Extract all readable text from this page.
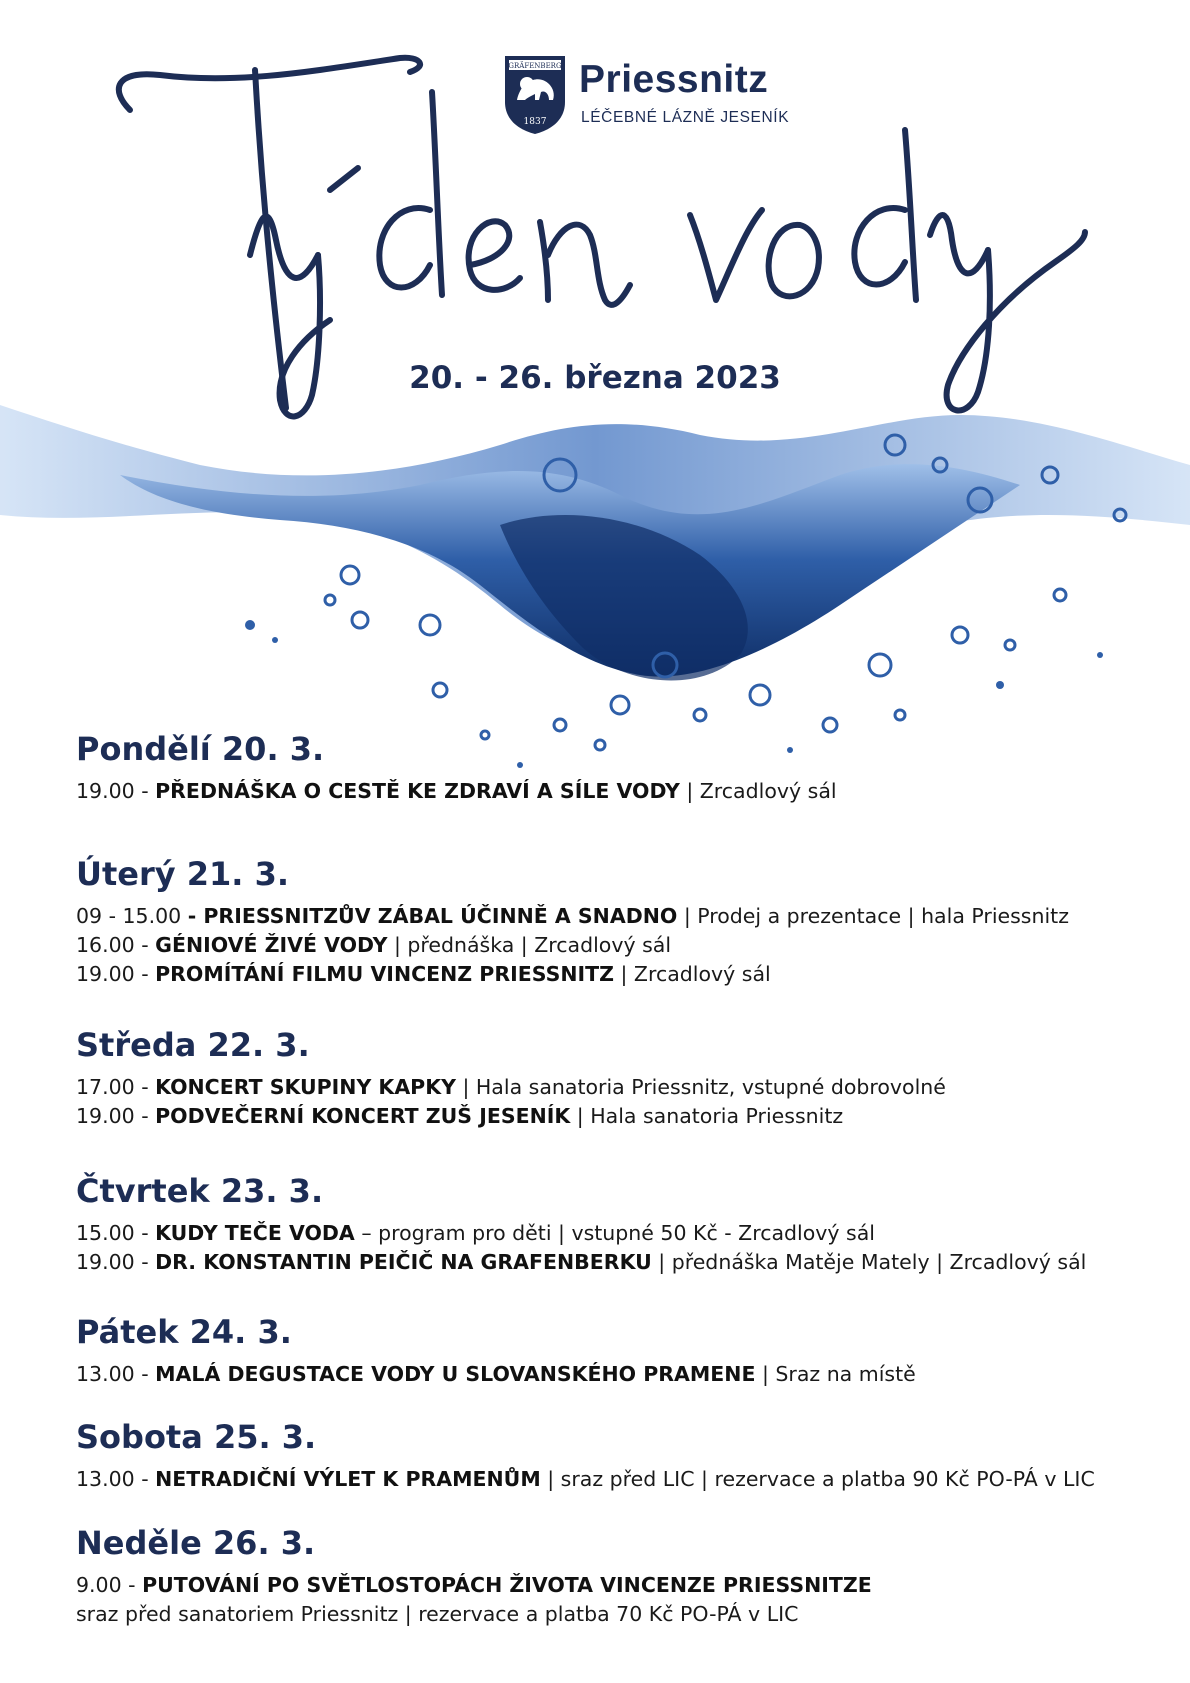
GRÄFENBERG
1837
Priessnitz
LÉČEBNÉ LÁZNĚ JESENÍK
20. - 26. března 2023
Pondělí 20. 3.
19.00 - PŘEDNÁŠKA O CESTĚ KE ZDRAVÍ A SÍLE VODY | Zrcadlový sál
Úterý 21. 3.
09 - 15.00 - PRIESSNITZŮV ZÁBAL ÚČINNĚ A SNADNO | Prodej a prezentace | hala Priessnitz
16.00 - GÉNIOVÉ ŽIVÉ VODY | přednáška | Zrcadlový sál
19.00 - PROMÍTÁNÍ FILMU VINCENZ PRIESSNITZ | Zrcadlový sál
Středa 22. 3.
17.00 - KONCERT SKUPINY KAPKY | Hala sanatoria Priessnitz, vstupné dobrovolné
19.00 - PODVEČERNÍ KONCERT ZUŠ JESENÍK | Hala sanatoria Priessnitz
Čtvrtek 23. 3.
15.00 - KUDY TEČE VODA – program pro děti | vstupné 50 Kč - Zrcadlový sál
19.00 - DR. KONSTANTIN PEIČIČ NA GRAFENBERKU | přednáška Matěje Mately | Zrcadlový sál
Pátek 24. 3.
13.00 - MALÁ DEGUSTACE VODY U SLOVANSKÉHO PRAMENE | Sraz na místě
Sobota 25. 3.
13.00 - NETRADIČNÍ VÝLET K PRAMENŮM | sraz před LIC | rezervace a platba 90 Kč PO-PÁ v LIC
Neděle 26. 3.
9.00 - PUTOVÁNÍ PO SVĚTLOSTOPÁCH ŽIVOTA VINCENZE PRIESSNITZE
sraz před sanatoriem Priessnitz | rezervace a platba 70 Kč PO-PÁ v LIC
